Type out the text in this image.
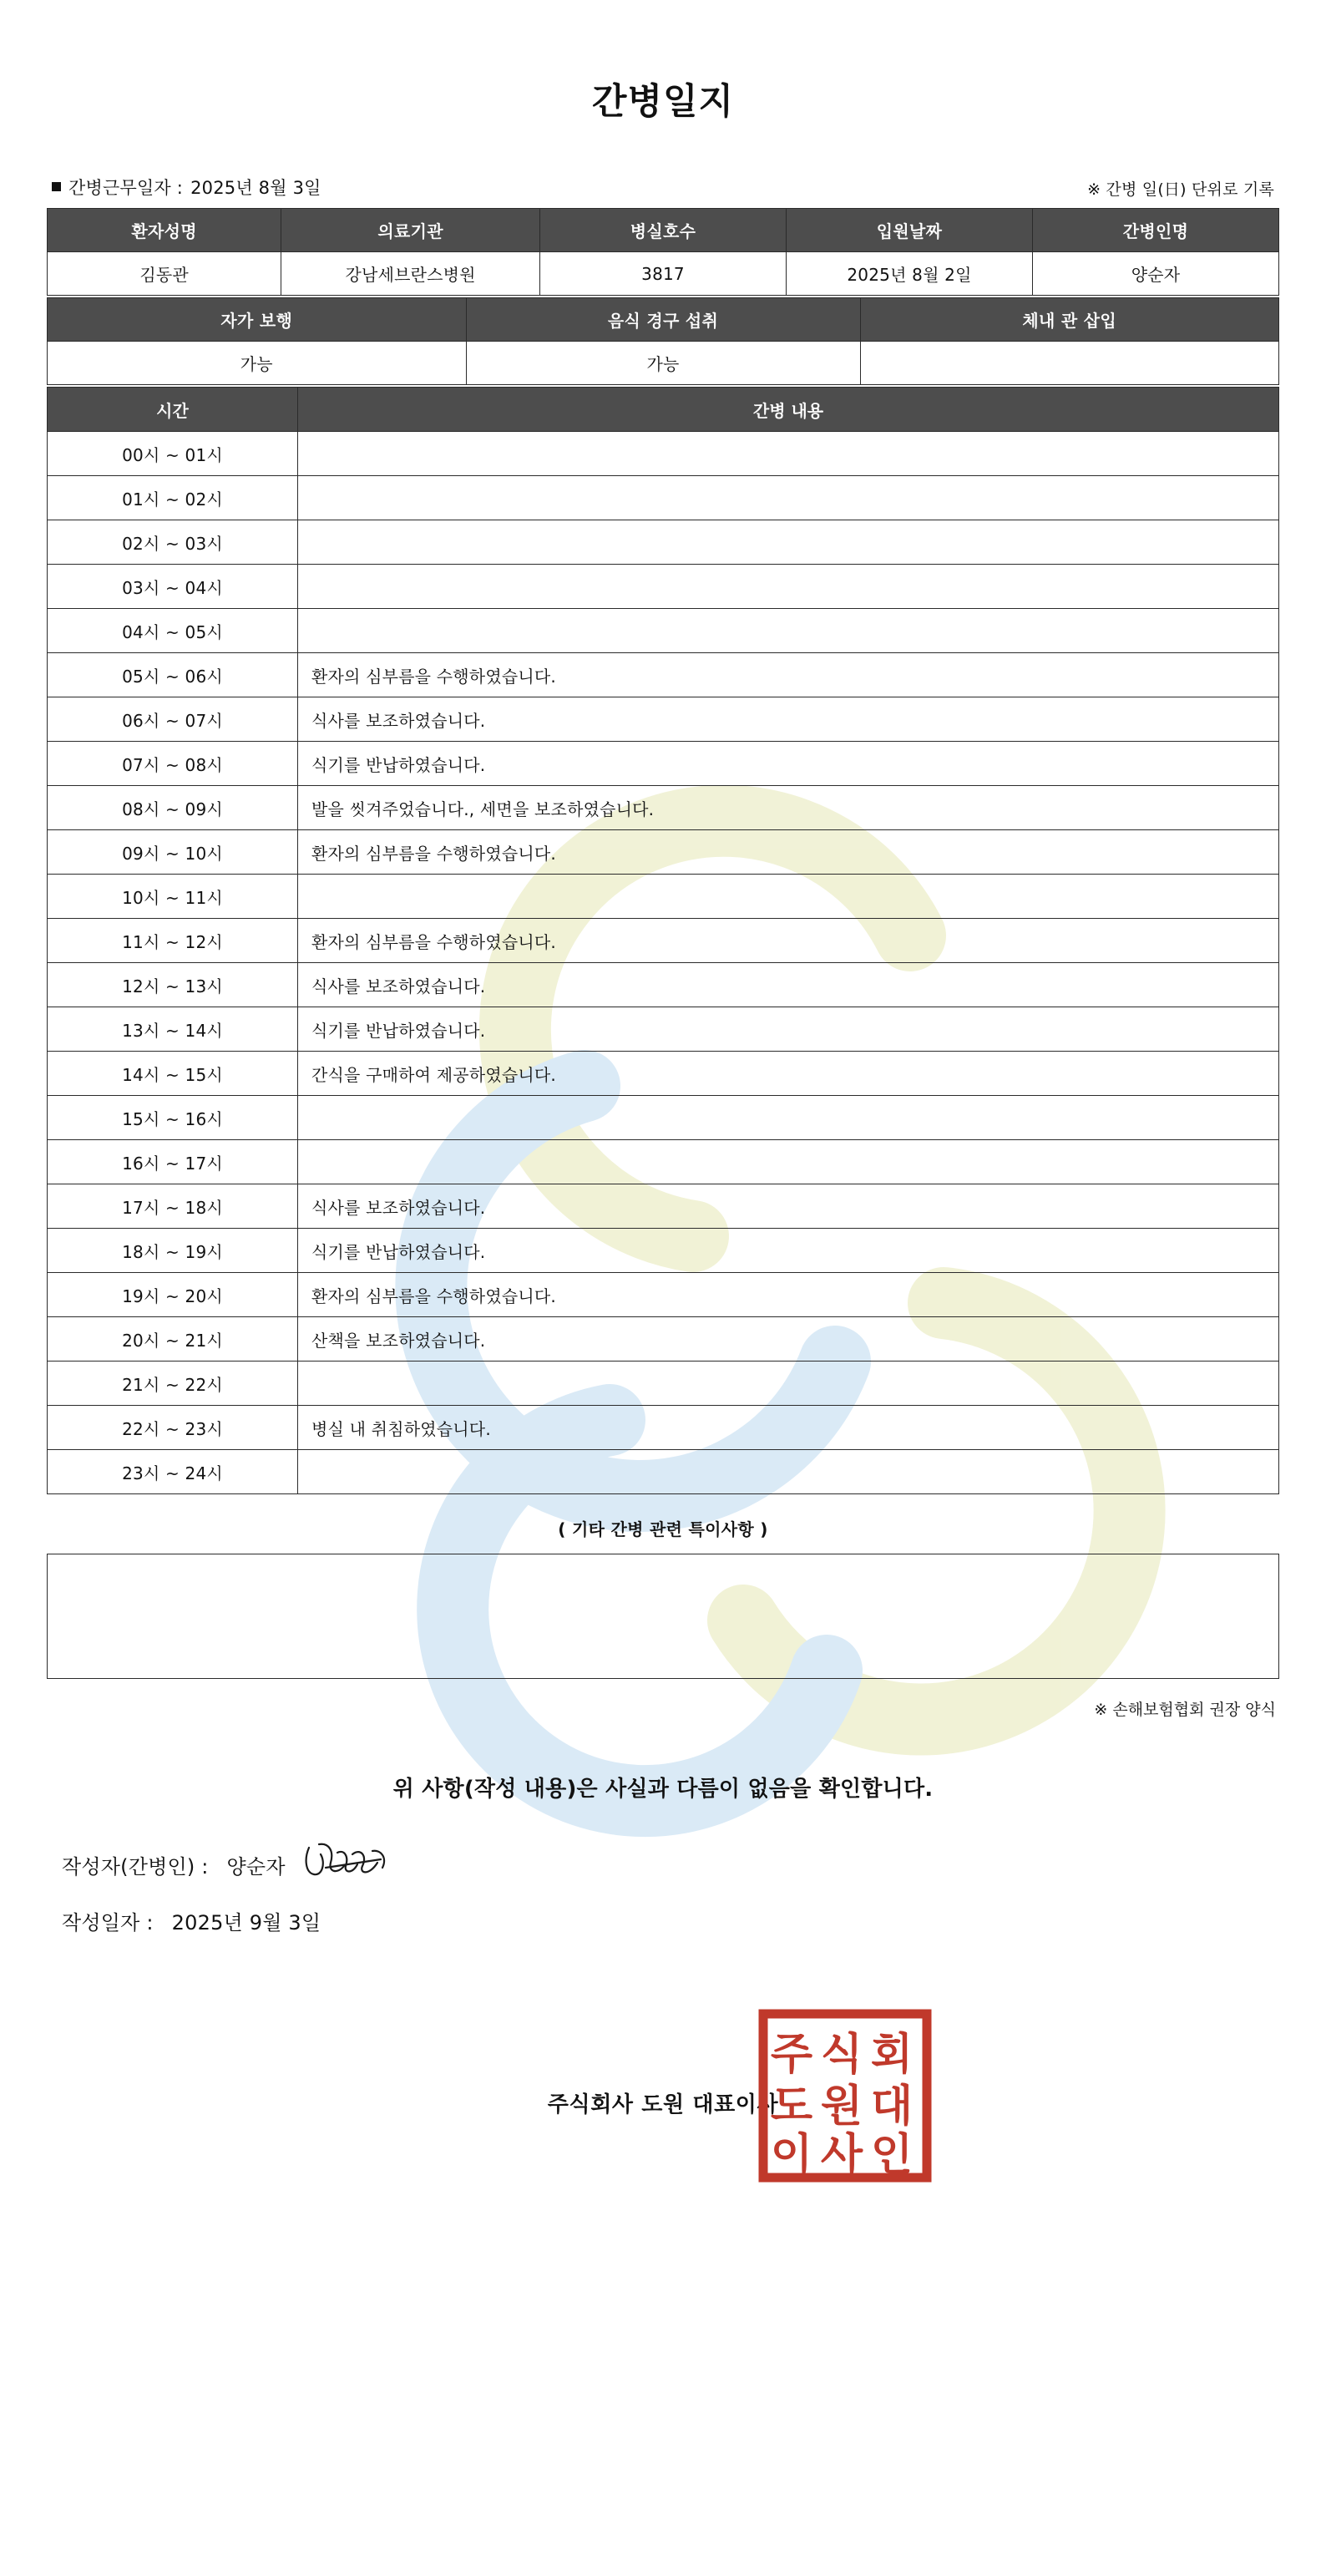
간병일지
간병근무일자 : 2025년 8월 3일	※ 간병 일(日) 단위로 기록
환자성명	의료기관	병실호수	입원날짜	간병인명
김동관	강남세브란스병원	3817	2025년 8월 2일	양순자
자가 보행	음식 경구 섭취	체내 관 삽입
가능	가능	
시간	간병 내용
00시 ~ 01시	
01시 ~ 02시	
02시 ~ 03시	
03시 ~ 04시	
04시 ~ 05시	
05시 ~ 06시	환자의 심부름을 수행하였습니다.
06시 ~ 07시	식사를 보조하였습니다.
07시 ~ 08시	식기를 반납하였습니다.
08시 ~ 09시	발을 씻겨주었습니다., 세면을 보조하였습니다.
09시 ~ 10시	환자의 심부름을 수행하였습니다.
10시 ~ 11시	
11시 ~ 12시	환자의 심부름을 수행하였습니다.
12시 ~ 13시	식사를 보조하였습니다.
13시 ~ 14시	식기를 반납하였습니다.
14시 ~ 15시	간식을 구매하여 제공하였습니다.
15시 ~ 16시	
16시 ~ 17시	
17시 ~ 18시	식사를 보조하였습니다.
18시 ~ 19시	식기를 반납하였습니다.
19시 ~ 20시	환자의 심부름을 수행하였습니다.
20시 ~ 21시	산책을 보조하였습니다.
21시 ~ 22시	
22시 ~ 23시	병실 내 취침하였습니다.
23시 ~ 24시	
( 기타 간병 관련 특이사항 )
※ 손해보험협회 권장 양식
위 사항(작성 내용)은 사실과 다름이 없음을 확인합니다.
작성자(간병인) : 양순자
작성일자 : 2025년 9월 3일
주식회사 도원 대표이사
주 식 회
도 원 대
이 사 인
